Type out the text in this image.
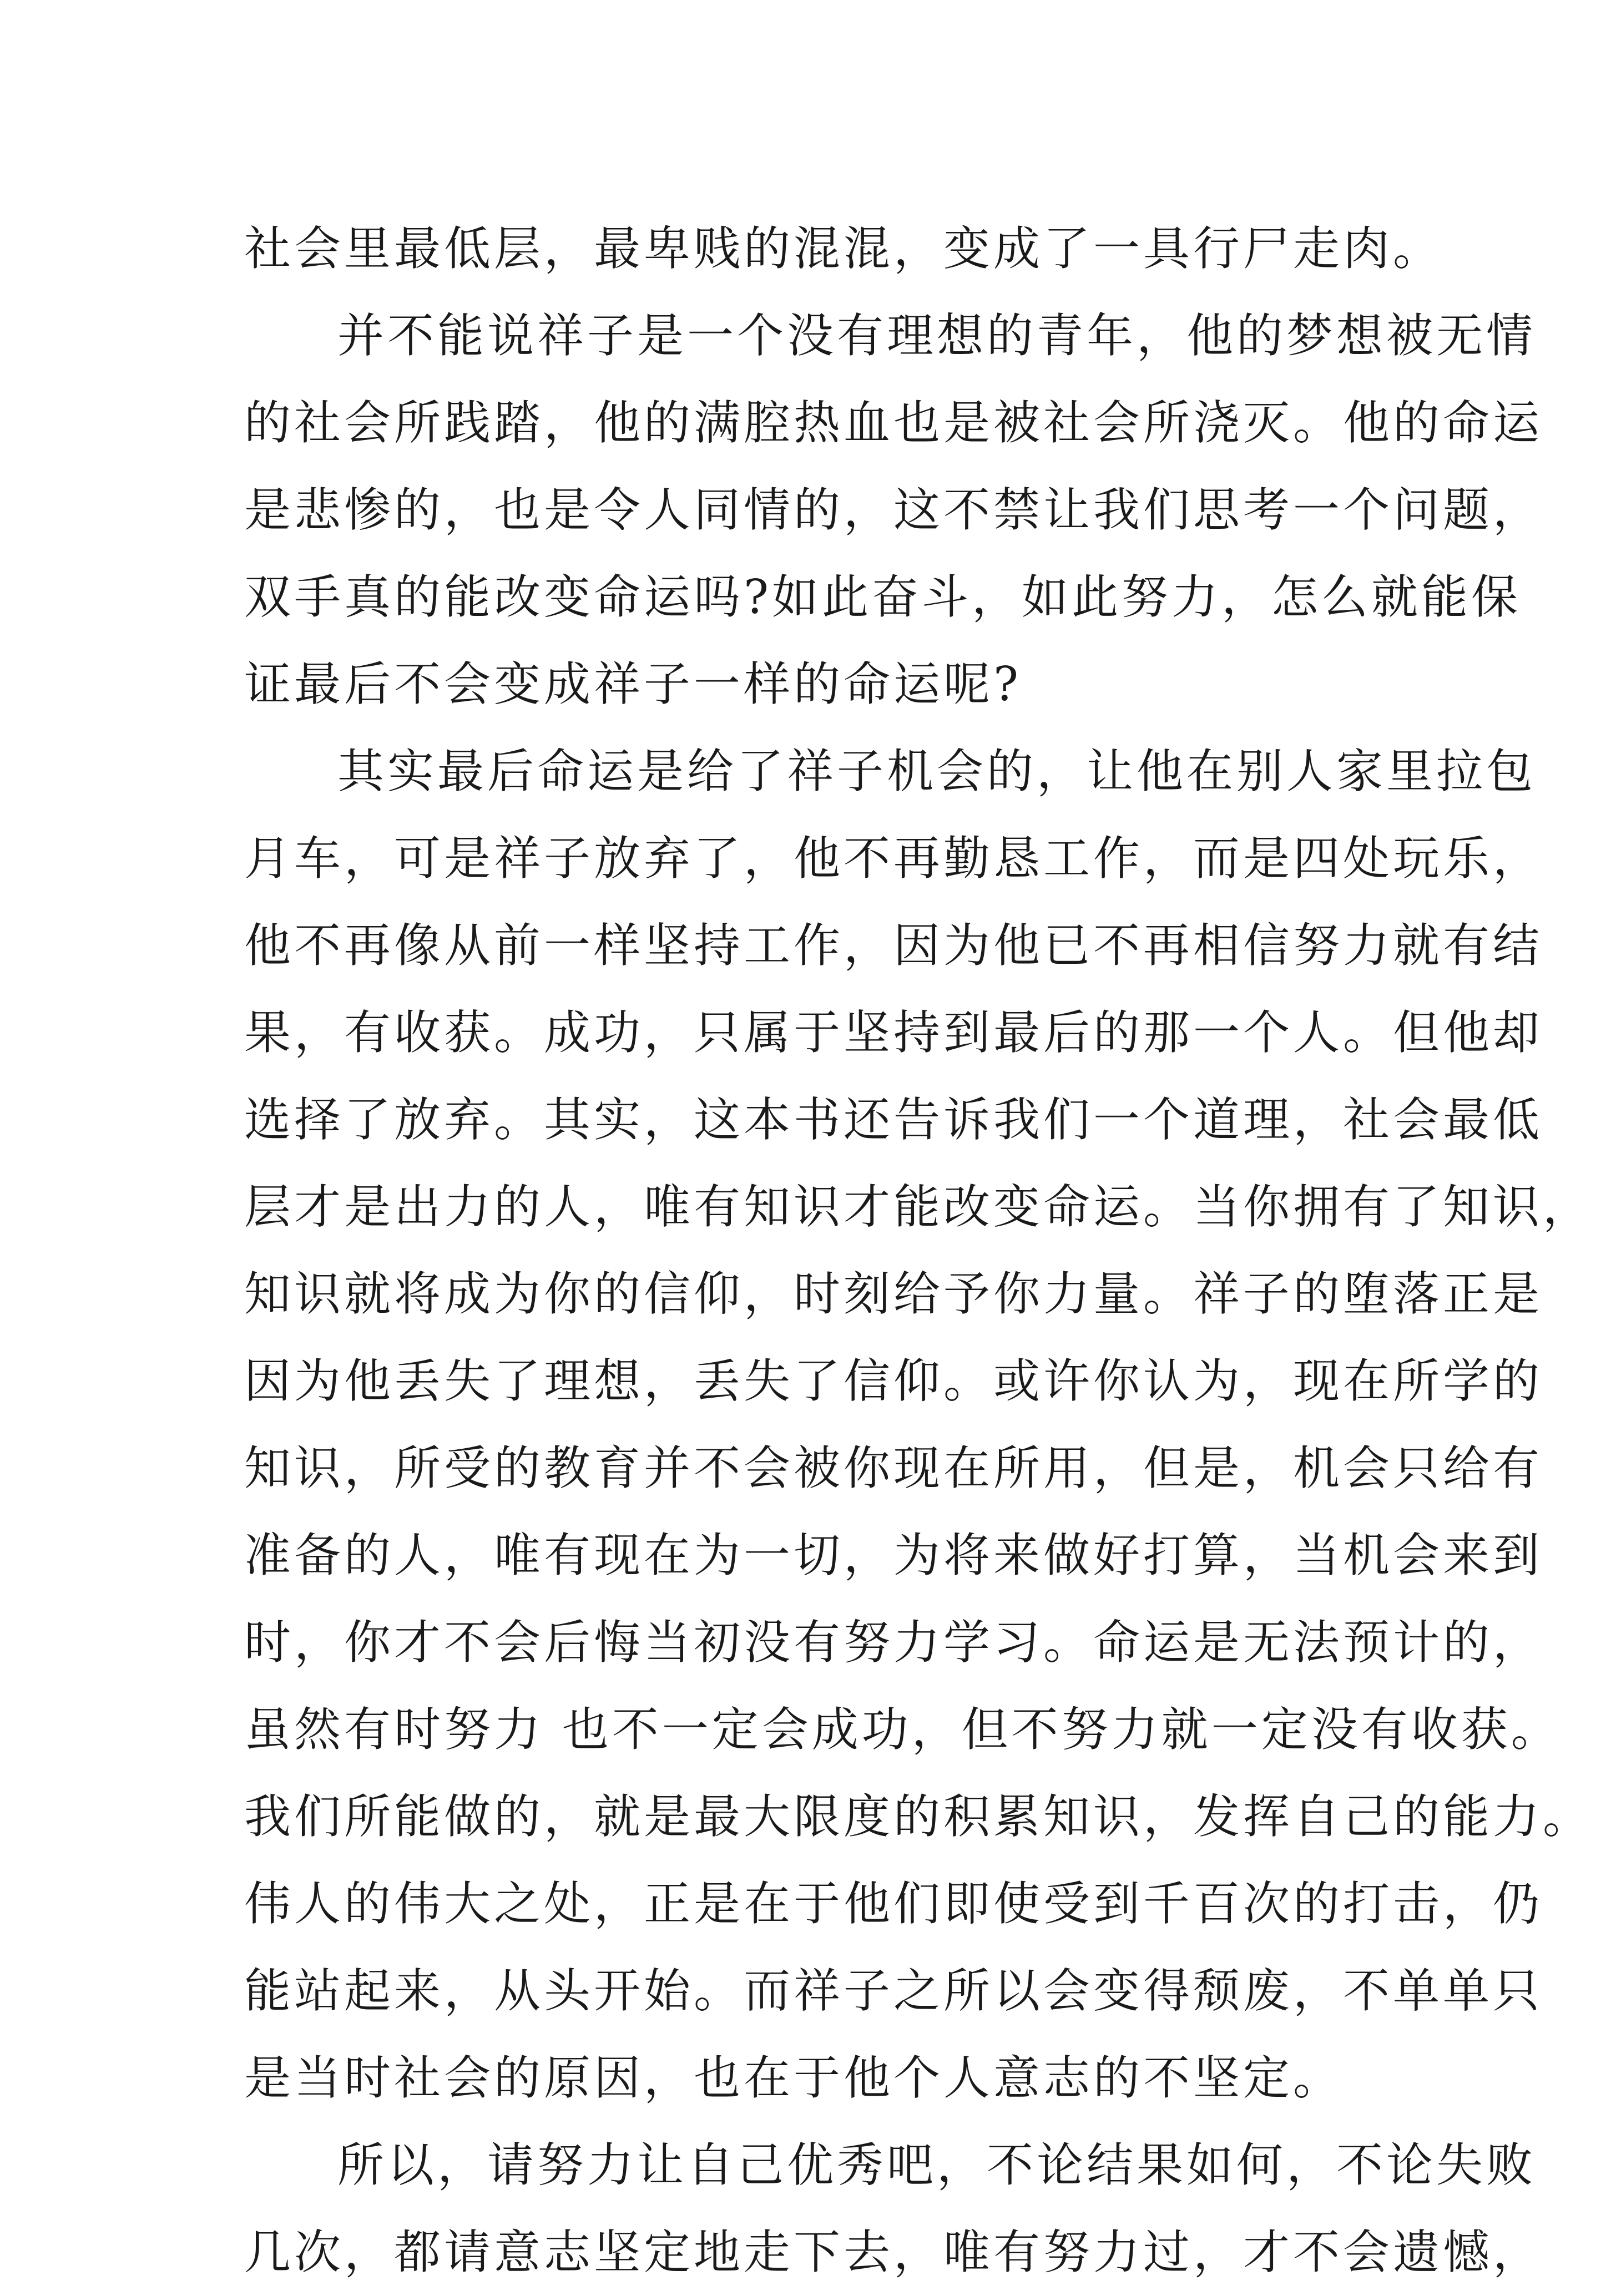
社会里最低层，最卑贱的混混，变成了一具行尸走肉。
并不能说祥子是一个没有理想的青年，他的梦想被无情
的社会所践踏，他的满腔热血也是被社会所浇灭。他的命运
是悲惨的，也是令人同情的，这不禁让我们思考一个问题，
双手真的能改变命运吗?如此奋斗，如此努力，怎么就能保
证最后不会变成祥子一样的命运呢?
其实最后命运是给了祥子机会的，让他在别人家里拉包
月车，可是祥子放弃了，他不再勤恳工作，而是四处玩乐，
他不再像从前一样坚持工作，因为他已不再相信努力就有结
果，有收获。成功，只属于坚持到最后的那一个人。但他却
选择了放弃。其实，这本书还告诉我们一个道理，社会最低
层才是出力的人，唯有知识才能改变命运。当你拥有了知识，
知识就将成为你的信仰，时刻给予你力量。祥子的堕落正是
因为他丢失了理想，丢失了信仰。或许你认为，现在所学的
知识，所受的教育并不会被你现在所用，但是，机会只给有
准备的人，唯有现在为一切，为将来做好打算，当机会来到
时，你才不会后悔当初没有努力学习。命运是无法预计的，
虽然有时努力 也不一定会成功，但不努力就一定没有收获。
我们所能做的，就是最大限度的积累知识，发挥自己的能力。
伟人的伟大之处，正是在于他们即使受到千百次的打击，仍
能站起来，从头开始。而祥子之所以会变得颓废，不单单只
是当时社会的原因，也在于他个人意志的不坚定。
所以，请努力让自己优秀吧，不论结果如何，不论失败
几次，都请意志坚定地走下去，唯有努力过，才不会遗憾，
